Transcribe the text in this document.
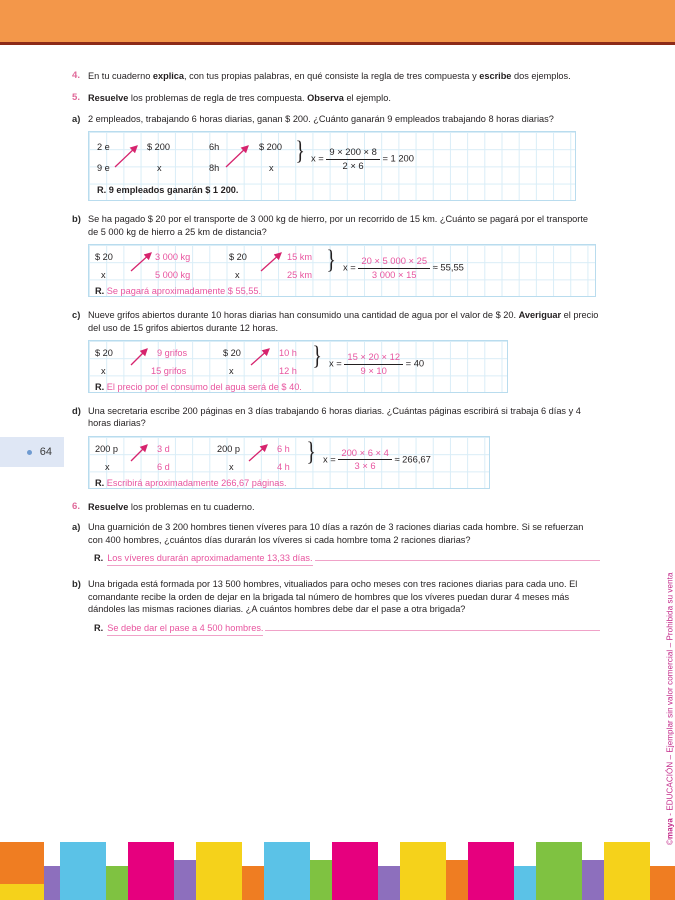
64
©maya - EDUCACIÓN – Ejemplar sin valor comercial – Prohibida su venta
4. En tu cuaderno explica, con tus propias palabras, en qué consiste la regla de tres compuesta y escribe dos ejemplos.
5. Resuelve los problemas de regla de tres compuesta. Observa el ejemplo.
a) 2 empleados, trabajando 6 horas diarias, ganan $ 200. ¿Cuánto ganarán 9 empleados trabajando 8 horas diarias?
2 e	$ 200	6h	$ 200
9 e	x	8h	x
} $x = \frac{9 \times 200 \times 8}{2 \times 6} = 1$ 200
R. 9 empleados ganarán $ 1 200.
b) Se ha pagado $ 20 por el transporte de 3 000 kg de hierro, por un recorrido de 15 km. ¿Cuánto se pagará por el transporte de 5 000 kg de hierro a 25 km de distancia?
$ 20	3 000 kg	$ 20	15 km
x	5 000 kg	x	25 km
} $x = \frac{20 \times 5 000 \times 25}{3 000 \times 15} \approx 55,55$
R. Se pagará aproximadamente $ 55,55.
c) Nueve grifos abiertos durante 10 horas diarias han consumido una cantidad de agua por el valor de $ 20. Averiguar el precio del uso de 15 grifos abiertos durante 12 horas.
$ 20	9 grifos	$ 20	10 h
x	15 grifos	x	12 h
} $x = \frac{15 \times 20 \times 12}{9 \times 10} = 40$
R. El precio por el consumo del agua será de $ 40.
d) Una secretaria escribe 200 páginas en 3 días trabajando 6 horas diarias. ¿Cuántas páginas escribirá si trabaja 6 días y 4 horas diarias?
200 p	3 d	200 p	6 h
x	6 d	x	4 h
} $x = \frac{200 \times 6 \times 4}{3 \times 6} \approx 266,67$
R. Escribirá aproximadamente 266,67 páginas.
6. Resuelve los problemas en tu cuaderno.
a) Una guarnición de 3 200 hombres tienen víveres para 10 días a razón de 3 raciones diarias cada hombre. Si se refuerzan con 400 hombres, ¿cuántos días durarán los víveres si cada hombre toma 2 raciones diarias?
R. Los víveres durarán aproximadamente 13,33 días.
b) Una brigada está formada por 13 500 hombres, vitualiados para ocho meses con tres raciones diarias para cada uno. El comandante recibe la orden de dejar en la brigada tal número de hombres que los víveres puedan durar 4 meses más dándoles las mismas raciones diarias. ¿A cuántos hombres debe dar el pase a otra brigada?
R. Se debe dar el pase a 4 500 hombres.
